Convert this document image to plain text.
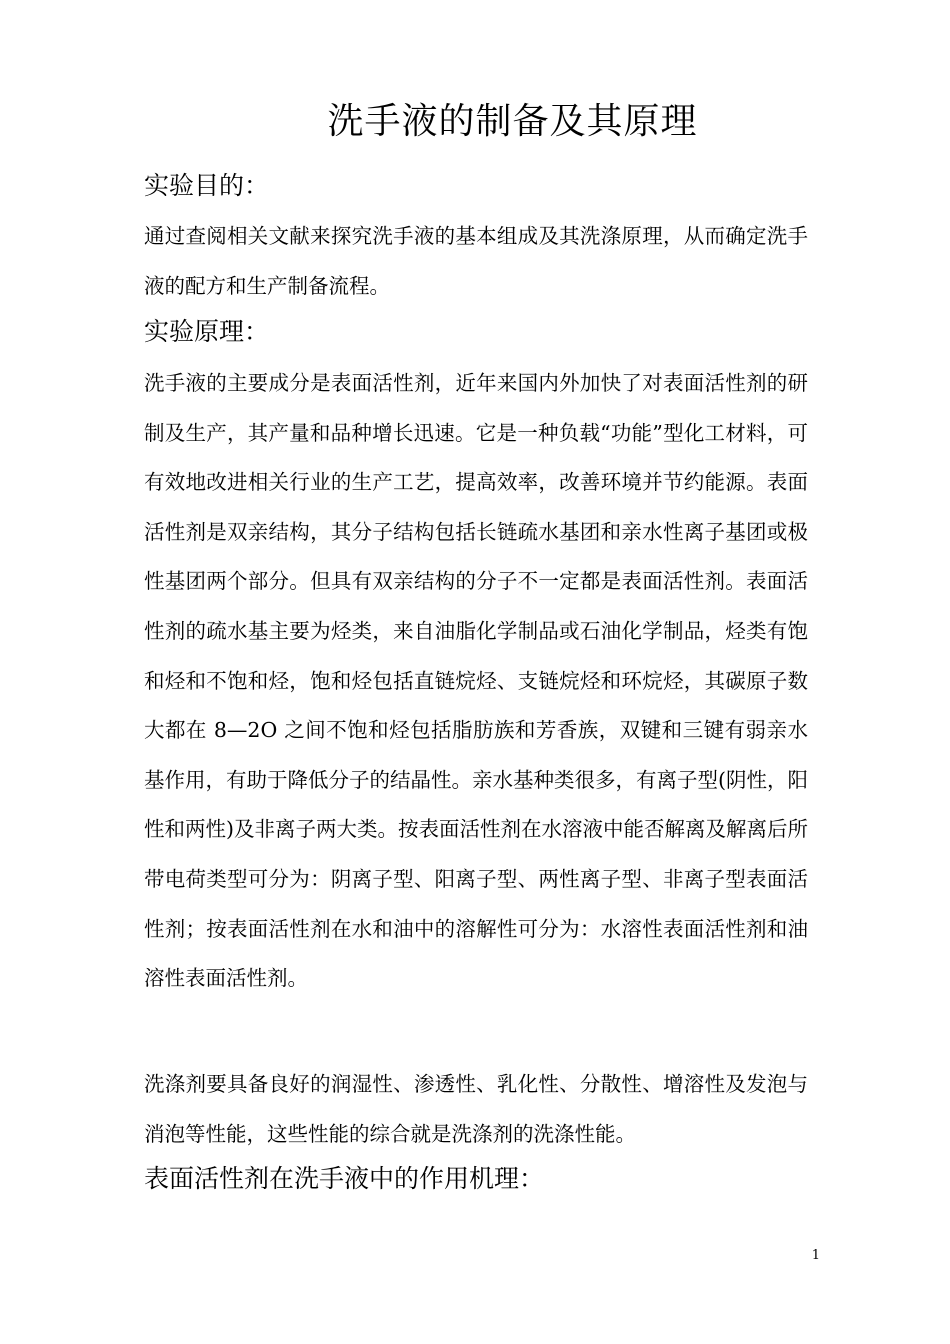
洗手液的制备及其原理
实验目的：

通过查阅相关文献来探究洗手液的基本组成及其洗涤原理，从而确定洗手液的配方和生产制备流程。

实验原理：

洗手液的主要成分是表面活性剂，近年来国内外加快了对表面活性剂的研制及生产，其产量和品种增长迅速。它是一种负载“功能”型化工材料，可有效地改进相关行业的生产工艺，提高效率，改善环境并节约能源。表面活性剂是双亲结构，其分子结构包括长链疏水基团和亲水性离子基团或极性基团两个部分。但具有双亲结构的分子不一定都是表面活性剂。表面活性剂的疏水基主要为烃类，来自油脂化学制品或石油化学制品，烃类有饱和烃和不饱和烃，饱和烃包括直链烷烃、支链烷烃和环烷烃，其碳原子数大都在 8—2O 之间不饱和烃包括脂肪族和芳香族，双键和三键有弱亲水基作用，有助于降低分子的结晶性。亲水基种类很多，有离子型(阴性，阳性和两性)及非离子两大类。按表面活性剂在水溶液中能否解离及解离后所带电荷类型可分为：阴离子型、阳离子型、两性离子型、非离子型表面活性剂；按表面活性剂在水和油中的溶解性可分为：水溶性表面活性剂和油溶性表面活性剂。

洗涤剂要具备良好的润湿性、渗透性、乳化性、分散性、增溶性及发泡与消泡等性能，这些性能的综合就是洗涤剂的洗涤性能。

表面活性剂在洗手液中的作用机理：
1
